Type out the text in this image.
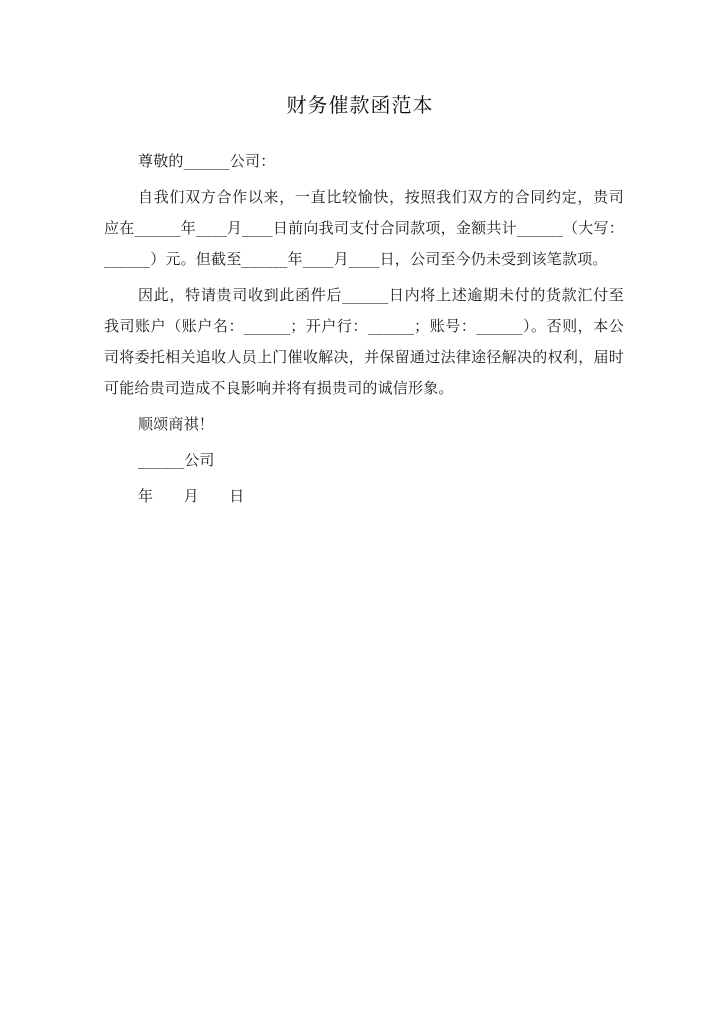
财务催款函范本

尊敬的______公司：

自我们双方合作以来，一直比较愉快，按照我们双方的合同约定，贵司应在______年____月____日前向我司支付合同款项，金额共计______（大写：______）元。但截至______年____月____日，公司至今仍未受到该笔款项。

因此，特请贵司收到此函件后______日内将上述逾期未付的货款汇付至我司账户（账户名：______；开户行：______；账号：______）。否则，本公司将委托相关追收人员上门催收解决，并保留通过法律途径解决的权利，届时可能给贵司造成不良影响并将有损贵司的诚信形象。

顺颂商祺！

______公司

年　　月　　日
